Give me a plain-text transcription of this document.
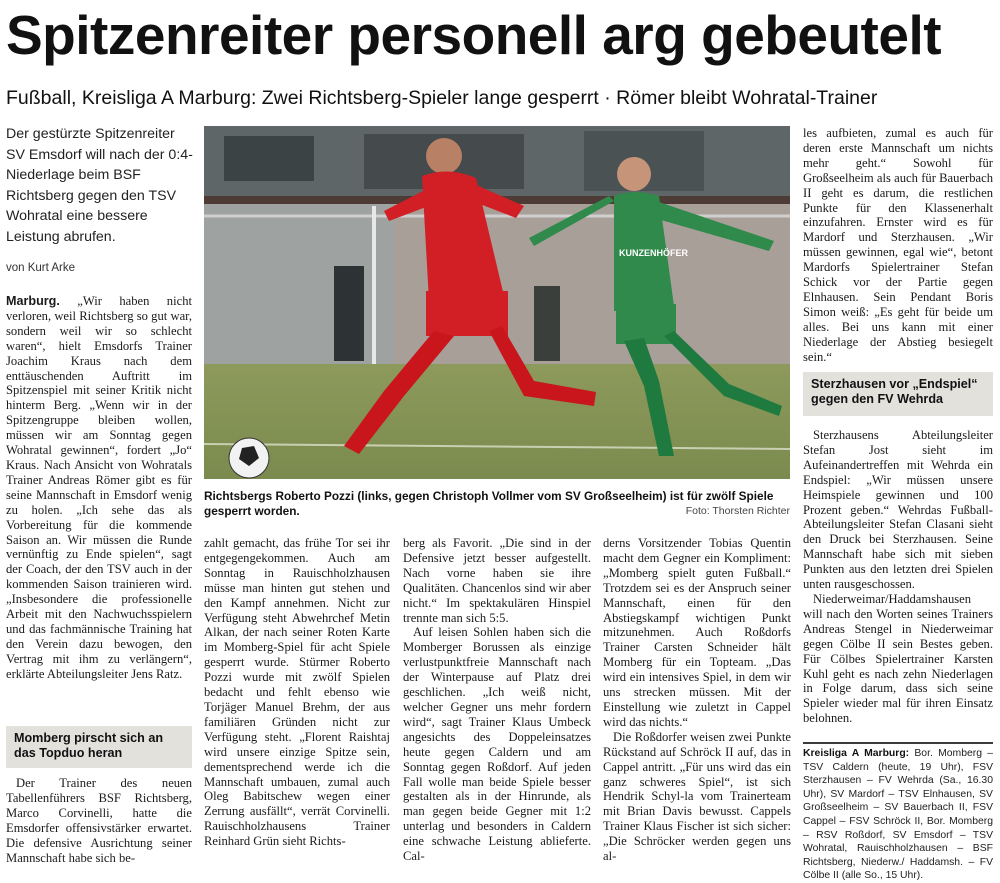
Spitzenreiter personell arg gebeutelt
Fußball, Kreisliga A Marburg: Zwei Richtsberg-Spieler lange gesperrt · Römer bleibt Wohratal-Trainer
Der gestürzte Spitzenreiter SV Emsdorf will nach der 0:4-Niederlage beim BSF Richtsberg gegen den TSV Wohratal eine bessere Leistung abrufen.
von Kurt Arke

Marburg. „Wir haben nicht verloren, weil Richtsberg so gut war, sondern weil wir so schlecht waren“, hielt Emsdorfs Trainer Joachim Kraus nach dem enttäuschenden Auftritt im Spitzenspiel mit seiner Kritik nicht hinterm Berg. „Wenn wir in der Spitzengruppe bleiben wollen, müssen wir am Sonntag gegen Wohratal gewinnen“, fordert „Jo“ Kraus. Nach Ansicht von Wohratals Trainer Andreas Römer gibt es für seine Mannschaft in Emsdorf wenig zu holen. „Ich sehe das als Vorbereitung für die kommende Saison an. Wir müssen die Runde vernünftig zu Ende spielen“, sagt der Coach, der den TSV auch in der kommenden Saison trainieren wird. „Insbesondere die professionelle Arbeit mit den Nachwuchsspielern und das fachmännische Training hat den Verein dazu bewogen, den Vertrag mit ihm zu verlängern“, erklärte Abteilungsleiter Jens Ratz.

Momberg pirscht sich an das Topduo heran

Der Trainer des neuen Tabellenführers BSF Richtsberg, Marco Corvinelli, hatte die Emsdorfer offensivstärker erwartet. Die defensive Ausrichtung seiner Mannschaft habe sich be-

KUNZENHÖFER
Richtsbergs Roberto Pozzi (links, gegen Christoph Vollmer vom SV Großseelheim) ist für zwölf Spiele gesperrt worden.	Foto: Thorsten Richter

zahlt gemacht, das frühe Tor sei ihr entgegengekommen. Auch am Sonntag in Rauischholzhausen müsse man hinten gut stehen und den Kampf annehmen. Nicht zur Verfügung steht Abwehrchef Metin Alkan, der nach seiner Roten Karte im Momberg-Spiel für acht Spiele gesperrt wurde. Stürmer Roberto Pozzi wurde mit zwölf Spielen bedacht und fehlt ebenso wie Torjäger Manuel Brehm, der aus familiären Gründen nicht zur Verfügung steht. „Florent Raishtaj wird unsere einzige Spitze sein, dementsprechend werde ich die Mannschaft umbauen, zumal auch Oleg Babitschew wegen einer Zerrung ausfällt“, verrät Corvinelli. Rauischholzhausens Trainer Reinhard Grün sieht Richts-

berg als Favorit. „Die sind in der Defensive jetzt besser aufgestellt. Nach vorne haben sie ihre Qualitäten. Chancenlos sind wir aber nicht.“ Im spektakulären Hinspiel trennte man sich 5:5.

Auf leisen Sohlen haben sich die Momberger Borussen als einzige verlustpunktfreie Mannschaft nach der Winterpause auf Platz drei geschlichen. „Ich weiß nicht, welcher Gegner uns mehr fordern wird“, sagt Trainer Klaus Umbeck angesichts des Doppeleinsatzes heute gegen Caldern und am Sonntag gegen Roßdorf. Auf jeden Fall wolle man beide Spiele besser gestalten als in der Hinrunde, als man gegen beide Gegner mit 1:2 unterlag und besonders in Caldern eine schwache Leistung ablieferte. Cal-

derns Vorsitzender Tobias Quentin macht dem Gegner ein Kompliment: „Momberg spielt guten Fußball.“ Trotzdem sei es der Anspruch seiner Mannschaft, einen für den Abstiegskampf wichtigen Punkt mitzunehmen. Auch Roßdorfs Trainer Carsten Schneider hält Momberg für ein Topteam. „Das wird ein intensives Spiel, in dem wir uns strecken müssen. Mit der Einstellung wie zuletzt in Cappel wird das nichts.“

Die Roßdorfer weisen zwei Punkte Rückstand auf Schröck II auf, das in Cappel antritt. „Für uns wird das ein ganz schweres Spiel“, ist sich Hendrik Schyl-la vom Trainerteam mit Brian Davis bewusst. Cappels Trainer Klaus Fischer ist sich sicher: „Die Schröcker werden gegen uns al-

les aufbieten, zumal es auch für deren erste Mannschaft um nichts mehr geht.“ Sowohl für Großseelheim als auch für Bauerbach II geht es darum, die restlichen Punkte für den Klassenerhalt einzufahren. Ernster wird es für Mardorf und Sterzhausen. „Wir müssen gewinnen, egal wie“, betont Mardorfs Spielertrainer Stefan Schick vor der Partie gegen Elnhausen. Sein Pendant Boris Simon weiß: „Es geht für beide um alles. Bei uns kann mit einer Niederlage der Abstieg besiegelt sein.“

Sterzhausen vor „Endspiel“ gegen den FV Wehrda

Sterzhausens Abteilungsleiter Stefan Jost sieht im Aufeinandertreffen mit Wehrda ein Endspiel: „Wir müssen unsere Heimspiele gewinnen und 100 Prozent geben.“ Wehrdas Fußball-Abteilungsleiter Stefan Clasani sieht den Druck bei Sterzhausen. Seine Mannschaft habe sich mit sieben Punkten aus den letzten drei Spielen unten rausgeschossen.

Niederweimar/Haddamshausen will nach den Worten seines Trainers Andreas Stengel in Niederweimar gegen Cölbe II sein Bestes geben. Für Cölbes Spielertrainer Karsten Kuhl geht es nach zehn Niederlagen in Folge darum, dass sich seine Spieler wieder mal für ihren Einsatz belohnen.

Kreisliga A Marburg: Bor. Momberg – TSV Caldern (heute, 19 Uhr), FSV Sterzhausen – FV Wehrda (Sa., 16.30 Uhr), SV Mardorf – TSV Elnhausen, SV Großseelheim – SV Bauerbach II, FSV Cappel – FSV Schröck II, Bor. Momberg – RSV Roßdorf, SV Emsdorf – TSV Wohratal, Rauischholzhausen – BSF Richtsberg, Niederw./ Haddamsh. – FV Cölbe II (alle So., 15 Uhr).
